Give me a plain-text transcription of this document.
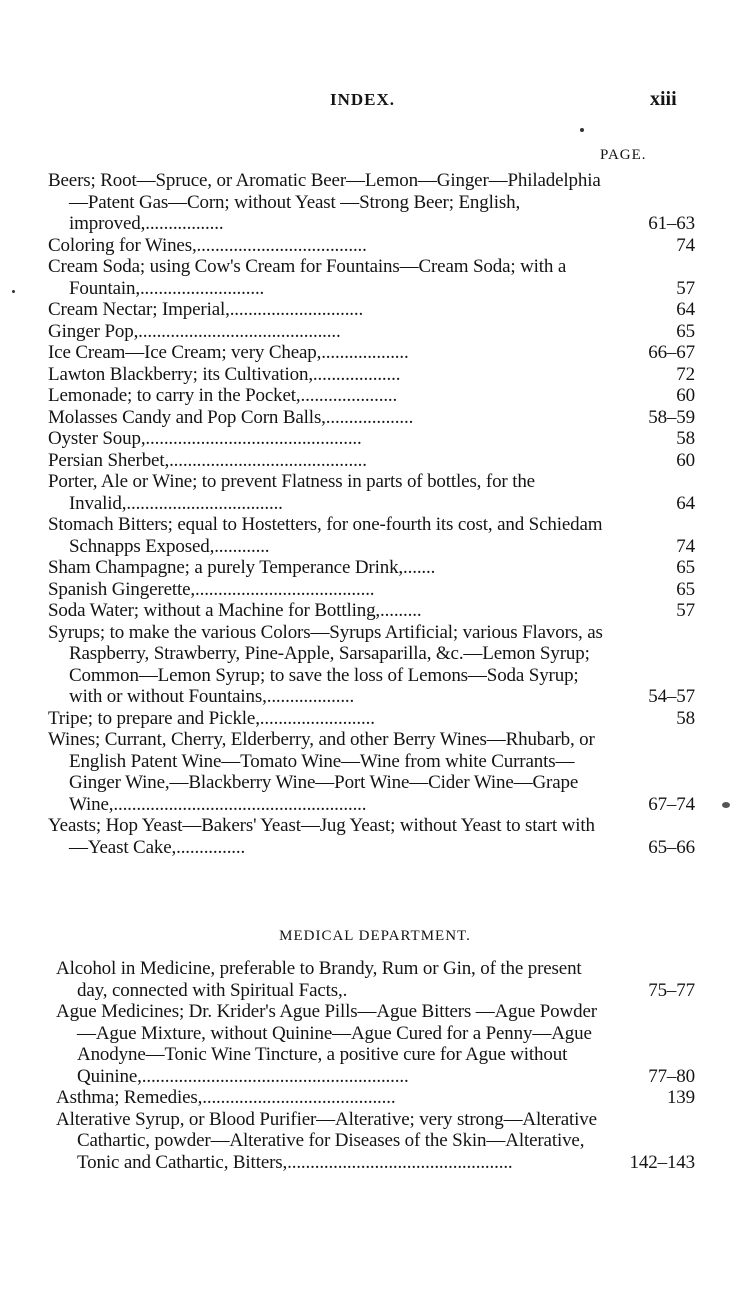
INDEX.	xiii
PAGE.
Beers; Root—Spruce, or Aromatic Beer—Lemon—Ginger—Philadelphia—Patent Gas—Corn; without Yeast —Strong Beer; English, improved,.................	61–63
Coloring for Wines,.....................................	74
Cream Soda; using Cow's Cream for Fountains—Cream Soda; with a Fountain,...........................	57
Cream Nectar; Imperial,.............................	64
Ginger Pop,............................................	65
Ice Cream—Ice Cream; very Cheap,...................	66–67
Lawton Blackberry; its Cultivation,...................	72
Lemonade; to carry in the Pocket,.....................	60
Molasses Candy and Pop Corn Balls,...................	58–59
Oyster Soup,...............................................	58
Persian Sherbet,...........................................	60
Porter, Ale or Wine; to prevent Flatness in parts of bottles, for the Invalid,..................................	64
Stomach Bitters; equal to Hostetters, for one-fourth its cost, and Schiedam Schnapps Exposed,............	74
Sham Champagne; a purely Temperance Drink,.......	65
Spanish Gingerette,.......................................	65
Soda Water; without a Machine for Bottling,.........	57
Syrups; to make the various Colors—Syrups Artificial; various Flavors, as Raspberry, Strawberry, Pine-Apple, Sarsaparilla, &c.—Lemon Syrup; Common—Lemon Syrup; to save the loss of Lemons—Soda Syrup; with or without Fountains,...................	54–57
Tripe; to prepare and Pickle,.........................	58
Wines; Currant, Cherry, Elderberry, and other Berry Wines—Rhubarb, or English Patent Wine—Tomato Wine—Wine from white Currants—Ginger Wine,—Blackberry Wine—Port Wine—Cider Wine—Grape Wine,.......................................................	67–74
Yeasts; Hop Yeast—Bakers' Yeast—Jug Yeast; without Yeast to start with—Yeast Cake,...............	65–66
MEDICAL DEPARTMENT.
Alcohol in Medicine, preferable to Brandy, Rum or Gin, of the present day, connected with Spiritual Facts,.	75–77
Ague Medicines; Dr. Krider's Ague Pills—Ague Bitters —Ague Powder—Ague Mixture, without Quinine—Ague Cured for a Penny—Ague Anodyne—Tonic Wine Tincture, a positive cure for Ague without Quinine,..........................................................	77–80
Asthma; Remedies,..........................................	139
Alterative Syrup, or Blood Purifier—Alterative; very strong—Alterative Cathartic, powder—Alterative for Diseases of the Skin—Alterative, Tonic and Cathartic, Bitters,.................................................	142–143
